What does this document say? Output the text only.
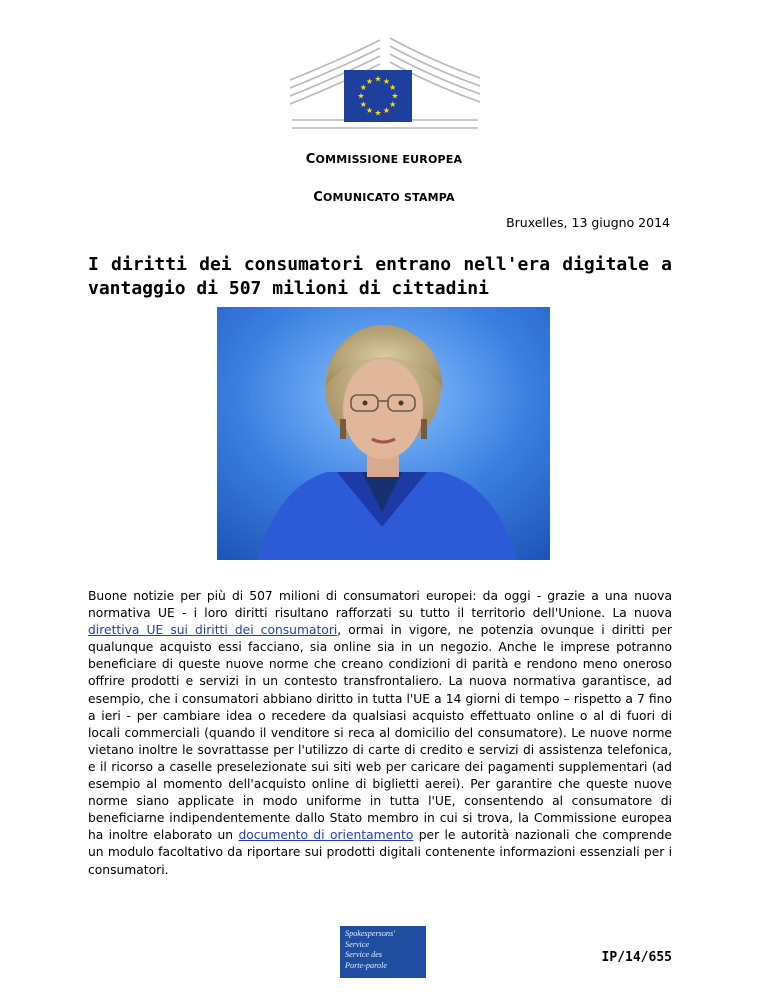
★ ★
★
★
★
★
★
★
★
★
★
★
COMMISSIONE EUROPEA
COMUNICATO STAMPA
Bruxelles, 13 giugno 2014
I diritti dei consumatori entrano nell'era digitale a vantaggio di 507 milioni di cittadini

Buone notizie per più di 507 milioni di consumatori europei: da oggi - grazie a una nuova normativa UE - i loro diritti risultano rafforzati su tutto il territorio dell'Unione. La nuova direttiva UE sui diritti dei consumatori, ormai in vigore, ne potenzia ovunque i diritti per qualunque acquisto essi facciano, sia online sia in un negozio. Anche le imprese potranno beneficiare di queste nuove norme che creano condizioni di parità e rendono meno oneroso offrire prodotti e servizi in un contesto transfrontaliero. La nuova normativa garantisce, ad esempio, che i consumatori abbiano diritto in tutta l'UE a 14 giorni di tempo – rispetto a 7 fino a ieri - per cambiare idea o recedere da qualsiasi acquisto effettuato online o al di fuori di locali commerciali (quando il venditore si reca al domicilio del consumatore). Le nuove norme vietano inoltre le sovrattasse per l'utilizzo di carte di credito e servizi di assistenza telefonica, e il ricorso a caselle preselezionate sui siti web per caricare dei pagamenti supplementari (ad esempio al momento dell'acquisto online di biglietti aerei). Per garantire che queste nuove norme siano applicate in modo uniforme in tutta l'UE, consentendo al consumatore di beneficiarne indipendentemente dallo Stato membro in cui si trova, la Commissione europea ha inoltre elaborato un documento di orientamento per le autorità nazionali che comprende un modulo facoltativo da riportare sui prodotti digitali contenente informazioni essenziali per i consumatori.

Spokespersons'
Service
Service des
Porte-parole	IP/14/655
